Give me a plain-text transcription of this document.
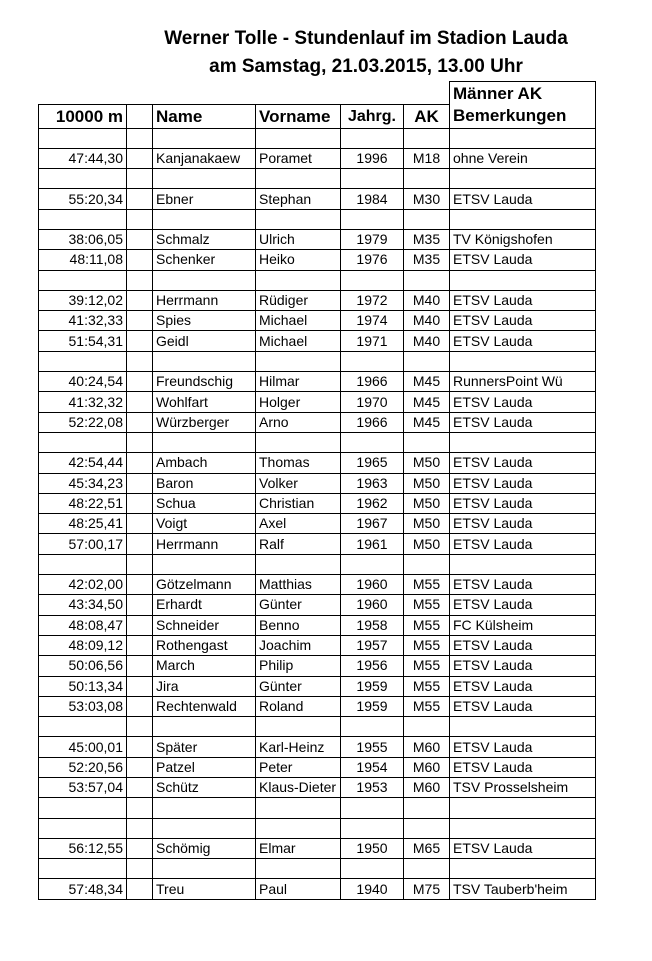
Werner Tolle - Stundenlauf im Stadion Lauda
am Samstag, 21.03.2015, 13.00 Uhr
						Männer AK
10000 m		Name	Vorname	Jahrg.	AK	Bemerkungen

47:44,30		Kanjanakaew	Poramet	1996	M18	ohne Verein

55:20,34		Ebner	Stephan	1984	M30	ETSV Lauda

38:06,05		Schmalz	Ulrich	1979	M35	TV Königshofen
48:11,08		Schenker	Heiko	1976	M35	ETSV Lauda

39:12,02		Herrmann	Rüdiger	1972	M40	ETSV Lauda
41:32,33		Spies	Michael	1974	M40	ETSV Lauda
51:54,31		Geidl	Michael	1971	M40	ETSV Lauda

40:24,54		Freundschig	Hilmar	1966	M45	RunnersPoint Wü
41:32,32		Wohlfart	Holger	1970	M45	ETSV Lauda
52:22,08		Würzberger	Arno	1966	M45	ETSV Lauda

42:54,44		Ambach	Thomas	1965	M50	ETSV Lauda
45:34,23		Baron	Volker	1963	M50	ETSV Lauda
48:22,51		Schua	Christian	1962	M50	ETSV Lauda
48:25,41		Voigt	Axel	1967	M50	ETSV Lauda
57:00,17		Herrmann	Ralf	1961	M50	ETSV Lauda

42:02,00		Götzelmann	Matthias	1960	M55	ETSV Lauda
43:34,50		Erhardt	Günter	1960	M55	ETSV Lauda
48:08,47		Schneider	Benno	1958	M55	FC Külsheim
48:09,12		Rothengast	Joachim	1957	M55	ETSV Lauda
50:06,56		March	Philip	1956	M55	ETSV Lauda
50:13,34		Jira	Günter	1959	M55	ETSV Lauda
53:03,08		Rechtenwald	Roland	1959	M55	ETSV Lauda

45:00,01		Später	Karl-Heinz	1955	M60	ETSV Lauda
52:20,56		Patzel	Peter	1954	M60	ETSV Lauda
53:57,04		Schütz	Klaus-Dieter	1953	M60	TSV Prosselsheim

56:12,55		Schömig	Elmar	1950	M65	ETSV Lauda

57:48,34		Treu	Paul	1940	M75	TSV Tauberb'heim
